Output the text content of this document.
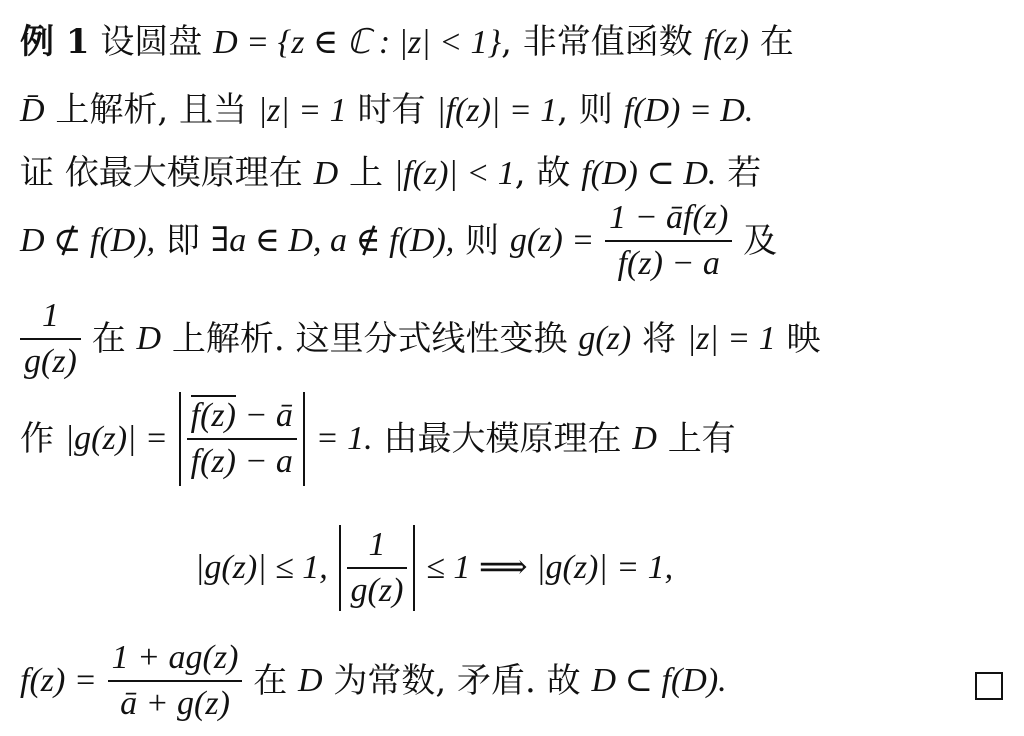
例 1 设圆盘 D = {z ∈ ℂ : |z| < 1}, 非常值函数 f(z) 在
D̄ 上解析, 且当 |z| = 1 时有 |f(z)| = 1, 则 f(D) = D.
证 依最大模原理在 D 上 |f(z)| < 1, 故 f(D) ⊂ D. 若
D ⊄ f(D), 即 ∃a ∈ D, a ∉ f(D), 则 $g(z) = \frac{1 - āf(z)}{f(z) - a}$ 及
$\frac{1}{g(z)}$ 在 D 上解析. 这里分式线性变换 g(z) 将 |z| = 1 映
作 $|g(z)| = \frac{f(z) - ā}{f(z) - a} = 1$. 由最大模原理在 D 上有
|g(z)| ≤ 1, $\frac{1}{g(z)} \le 1$ ⟹ |g(z)| = 1,
$f(z) = \frac{1 + ag(z)}{ā + g(z)}$ 在 D 为常数, 矛盾. 故 D ⊂ f(D).
